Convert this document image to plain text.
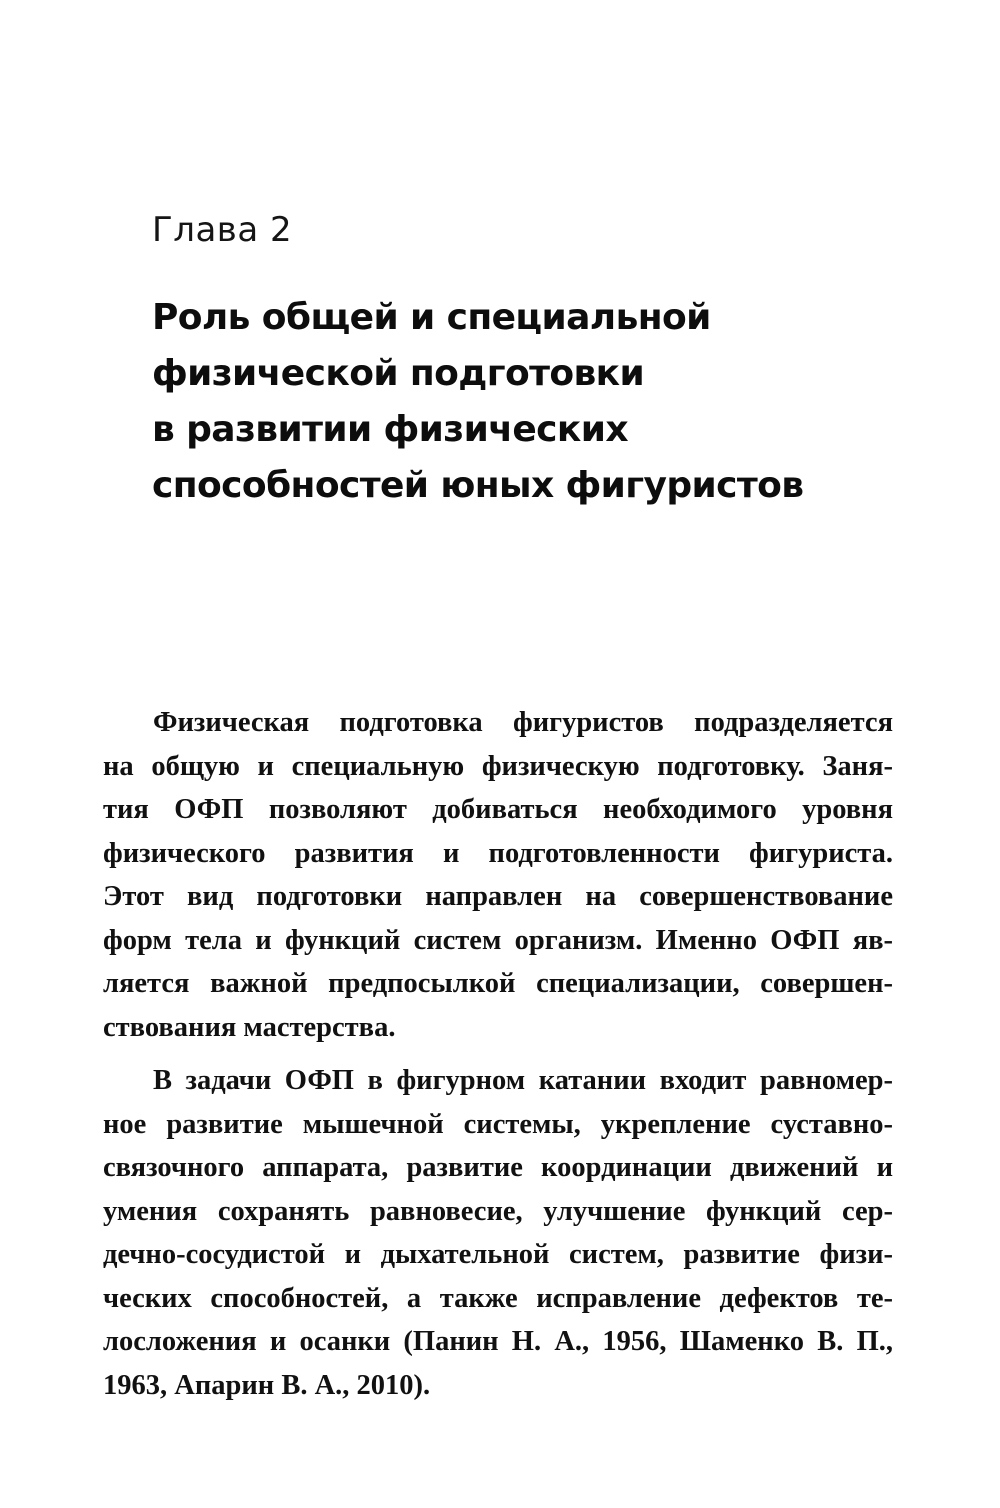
Глава 2
Роль общей и специальной
физической подготовки
в развитии физических
способностей юных фигуристов
Физическая подготовка фигуристов подразделяется
на общую и специальную физическую подготовку. Заня-
тия ОФП позволяют добиваться необходимого уровня
физического развития и подготовленности фигуриста.
Этот вид подготовки направлен на совершенствование
форм тела и функций систем организм. Именно ОФП яв-
ляется важной предпосылкой специализации, совершен-
ствования мастерства.
В задачи ОФП в фигурном катании входит равномер-
ное развитие мышечной системы, укрепление суставно-
связочного аппарата, развитие координации движений и
умения сохранять равновесие, улучшение функций сер-
дечно-сосудистой и дыхательной систем, развитие физи-
ческих способностей, а также исправление дефектов те-
лосложения и осанки (Панин Н. А., 1956, Шаменко В. П.,
1963, Апарин В. А., 2010).
